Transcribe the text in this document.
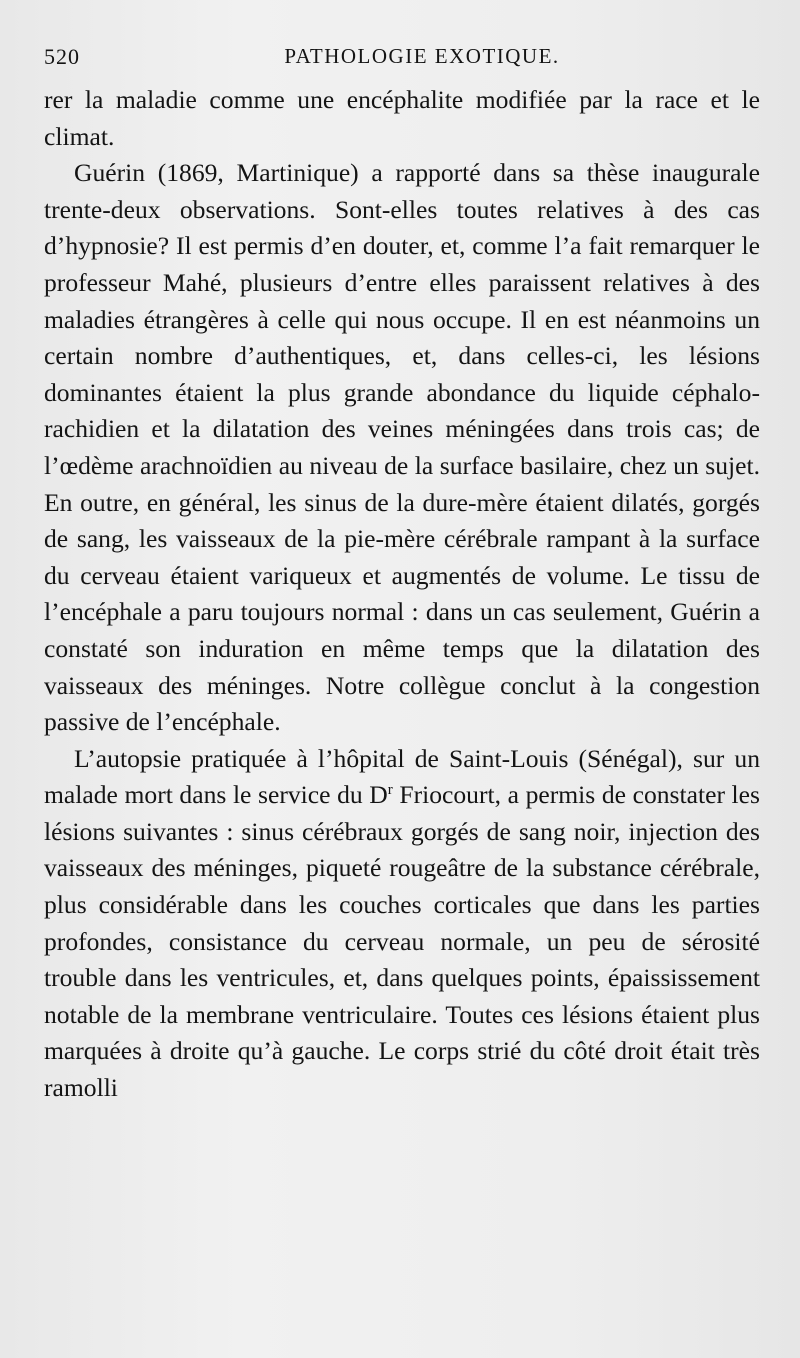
520	PATHOLOGIE EXOTIQUE.

rer la maladie comme une encéphalite modifiée par la race et le climat.

Guérin (1869, Martinique) a rapporté dans sa thèse inaugurale trente-deux observations. Sont-elles toutes relatives à des cas d’hypnosie? Il est permis d’en douter, et, comme l’a fait remarquer le professeur Mahé, plusieurs d’entre elles paraissent relatives à des maladies étrangères à celle qui nous occupe. Il en est néanmoins un certain nombre d’authentiques, et, dans celles-ci, les lésions dominantes étaient la plus grande abondance du liquide céphalo-rachidien et la dilatation des veines méningées dans trois cas; de l’œdème arachnoïdien au niveau de la surface basilaire, chez un sujet. En outre, en général, les sinus de la dure-mère étaient dilatés, gorgés de sang, les vaisseaux de la pie-mère cérébrale rampant à la surface du cerveau étaient variqueux et augmentés de volume. Le tissu de l’encéphale a paru toujours normal : dans un cas seulement, Guérin a constaté son induration en même temps que la dilatation des vaisseaux des méninges. Notre collègue conclut à la congestion passive de l’encéphale.

L’autopsie pratiquée à l’hôpital de Saint-Louis (Sénégal), sur un malade mort dans le service du $D^r$ Friocourt, a permis de constater les lésions suivantes : sinus cérébraux gorgés de sang noir, injection des vaisseaux des méninges, piqueté rougeâtre de la substance cérébrale, plus considérable dans les couches corticales que dans les parties profondes, consistance du cerveau normale, un peu de sérosité trouble dans les ventricules, et, dans quelques points, épaississement notable de la membrane ventriculaire. Toutes ces lésions étaient plus marquées à droite qu’à gauche. Le corps strié du côté droit était très ramolli
